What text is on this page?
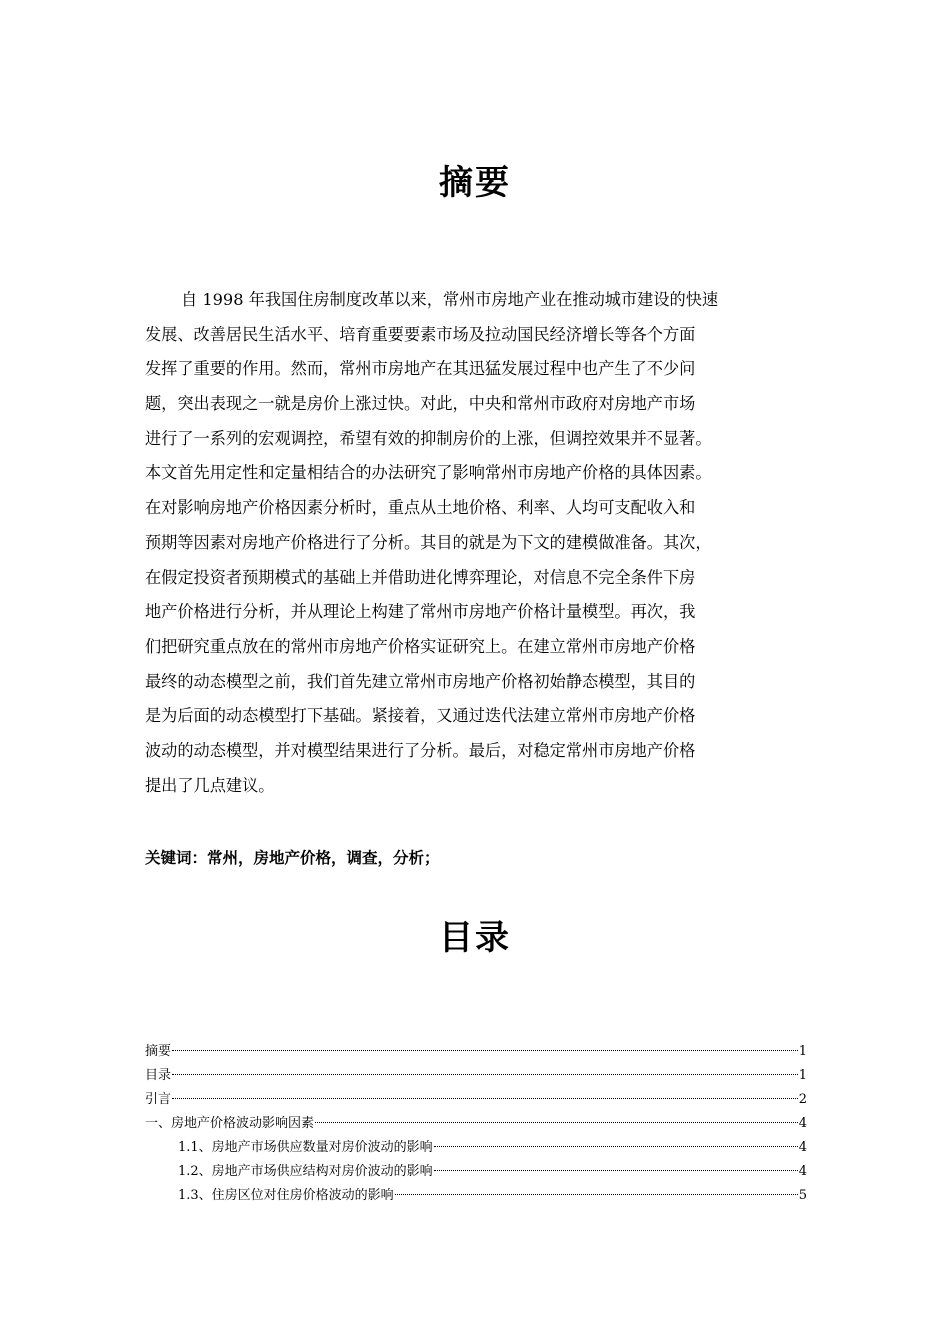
摘要
自 1998 年我国住房制度改革以来，常州市房地产业在推动城市建设的快速
发展、改善居民生活水平、培育重要要素市场及拉动国民经济增长等各个方面
发挥了重要的作用。然而，常州市房地产在其迅猛发展过程中也产生了不少问
题，突出表现之一就是房价上涨过快。对此，中央和常州市政府对房地产市场
进行了一系列的宏观调控，希望有效的抑制房价的上涨，但调控效果并不显著。
本文首先用定性和定量相结合的办法研究了影响常州市房地产价格的具体因素。
在对影响房地产价格因素分析时，重点从土地价格、利率、人均可支配收入和
预期等因素对房地产价格进行了分析。其目的就是为下文的建模做准备。其次，
在假定投资者预期模式的基础上并借助进化博弈理论，对信息不完全条件下房
地产价格进行分析，并从理论上构建了常州市房地产价格计量模型。再次，我
们把研究重点放在的常州市房地产价格实证研究上。在建立常州市房地产价格
最终的动态模型之前，我们首先建立常州市房地产价格初始静态模型，其目的
是为后面的动态模型打下基础。紧接着，又通过迭代法建立常州市房地产价格
波动的动态模型，并对模型结果进行了分析。最后，对稳定常州市房地产价格
提出了几点建议。
关键词：常州，房地产价格，调查，分析；
目录
摘要	1
目录	1
引言	2
一、房地产价格波动影响因素	4
1.1、房地产市场供应数量对房价波动的影响	4
1.2、房地产市场供应结构对房价波动的影响	4
1.3、住房区位对住房价格波动的影响	5
